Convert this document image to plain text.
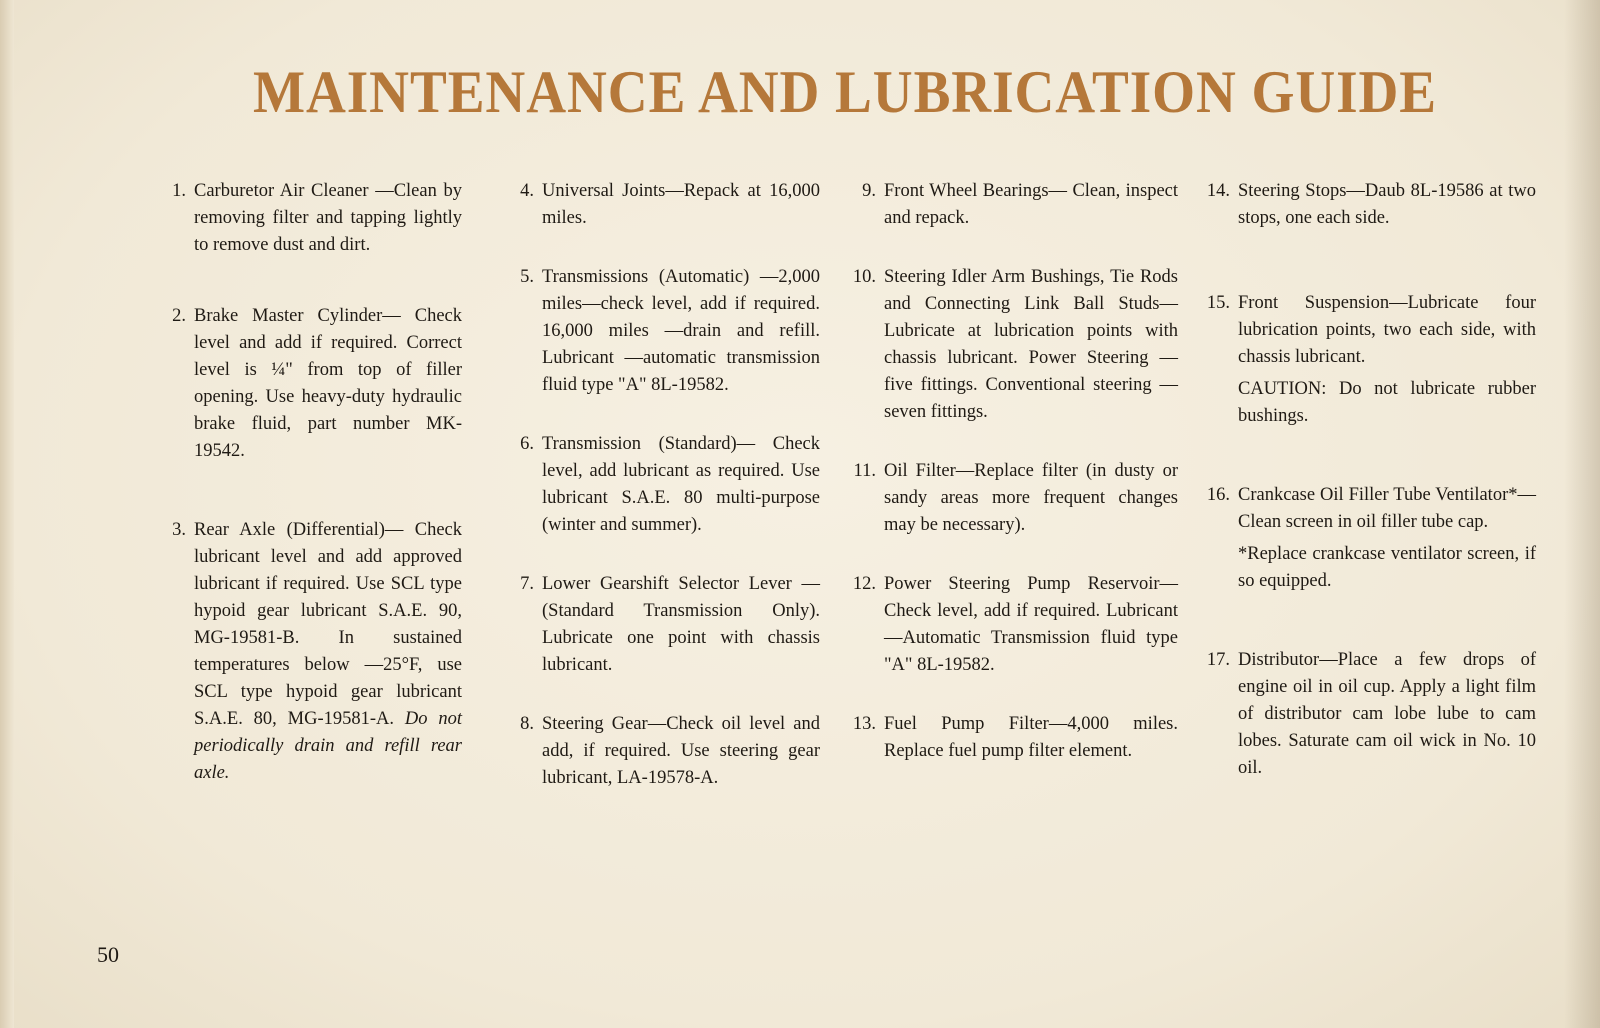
MAINTENANCE AND LUBRICATION GUIDE
1. Carburetor Air Cleaner —Clean by removing filter and tapping lightly to remove dust and dirt.

2. Brake Master Cylinder— Check level and add if required. Correct level is ¼" from top of filler opening. Use heavy-duty hydraulic brake fluid, part number MK-19542.

3. Rear Axle (Differential)— Check lubricant level and add approved lubricant if required. Use SCL type hypoid gear lubricant S.A.E. 90, MG-19581-B. In sustained temperatures below —25°F, use SCL type hypoid gear lubricant S.A.E. 80, MG-19581-A. Do not periodically drain and refill rear axle.

4. Universal Joints—Repack at 16,000 miles.

5. Transmissions (Automatic) —2,000 miles—check level, add if required. 16,000 miles —drain and refill. Lubricant —automatic transmission fluid type "A" 8L-19582.

6. Transmission (Standard)— Check level, add lubricant as required. Use lubricant S.A.E. 80 multi-purpose (winter and summer).

7. Lower Gearshift Selector Lever — (Standard Transmission Only). Lubricate one point with chassis lubricant.

8. Steering Gear—Check oil level and add, if required. Use steering gear lubricant, LA-19578-A.

9. Front Wheel Bearings— Clean, inspect and repack.

10. Steering Idler Arm Bushings, Tie Rods and Connecting Link Ball Studs—Lubricate at lubrication points with chassis lubricant. Power Steering — five fittings. Conventional steering —seven fittings.

11. Oil Filter—Replace filter (in dusty or sandy areas more frequent changes may be necessary).

12. Power Steering Pump Reservoir—Check level, add if required. Lubricant—Automatic Transmission fluid type "A" 8L-19582.

13. Fuel Pump Filter—4,000 miles. Replace fuel pump filter element.

14. Steering Stops—Daub 8L-19586 at two stops, one each side.

15. Front Suspension—Lubricate four lubrication points, two each side, with chassis lubricant.

CAUTION: Do not lubricate rubber bushings.

16. Crankcase Oil Filler Tube Ventilator*—Clean screen in oil filler tube cap.

*Replace crankcase ventilator screen, if so equipped.

17. Distributor—Place a few drops of engine oil in oil cup. Apply a light film of distributor cam lobe lube to cam lobes. Saturate cam oil wick in No. 10 oil.

50
